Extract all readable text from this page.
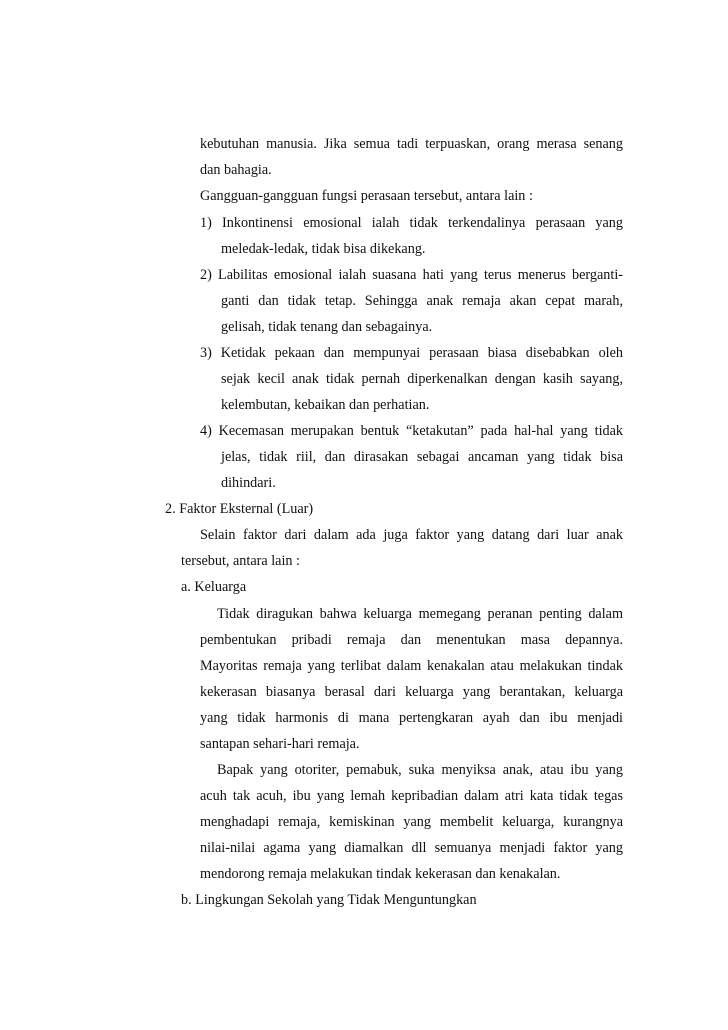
kebutuhan manusia. Jika semua tadi terpuaskan, orang merasa senang
dan bahagia.
Gangguan-gangguan fungsi perasaan tersebut, antara lain :
1) Inkontinensi emosional ialah tidak terkendalinya perasaan yang
meledak-ledak, tidak bisa dikekang.
2) Labilitas emosional ialah suasana hati yang terus menerus berganti-
ganti dan tidak tetap. Sehingga anak remaja akan cepat marah,
gelisah, tidak tenang dan sebagainya.
3) Ketidak pekaan dan mempunyai perasaan biasa disebabkan oleh
sejak kecil anak tidak pernah diperkenalkan dengan kasih sayang,
kelembutan, kebaikan dan perhatian.
4) Kecemasan merupakan bentuk “ketakutan” pada hal-hal yang tidak
jelas, tidak riil, dan dirasakan sebagai ancaman yang tidak bisa
dihindari.
2. Faktor Eksternal (Luar)
Selain faktor dari dalam ada juga faktor yang datang dari luar anak
tersebut, antara lain :
a. Keluarga
Tidak diragukan bahwa keluarga memegang peranan penting dalam
pembentukan pribadi remaja dan menentukan masa depannya.
Mayoritas remaja yang terlibat dalam kenakalan atau melakukan tindak
kekerasan biasanya berasal dari keluarga yang berantakan, keluarga
yang tidak harmonis di mana pertengkaran ayah dan ibu menjadi
santapan sehari-hari remaja.
Bapak yang otoriter, pemabuk, suka menyiksa anak, atau ibu yang
acuh tak acuh, ibu yang lemah kepribadian dalam atri kata tidak tegas
menghadapi remaja, kemiskinan yang membelit keluarga, kurangnya
nilai-nilai agama yang diamalkan dll semuanya menjadi faktor yang
mendorong remaja melakukan tindak kekerasan dan kenakalan.
b. Lingkungan Sekolah yang Tidak Menguntungkan
